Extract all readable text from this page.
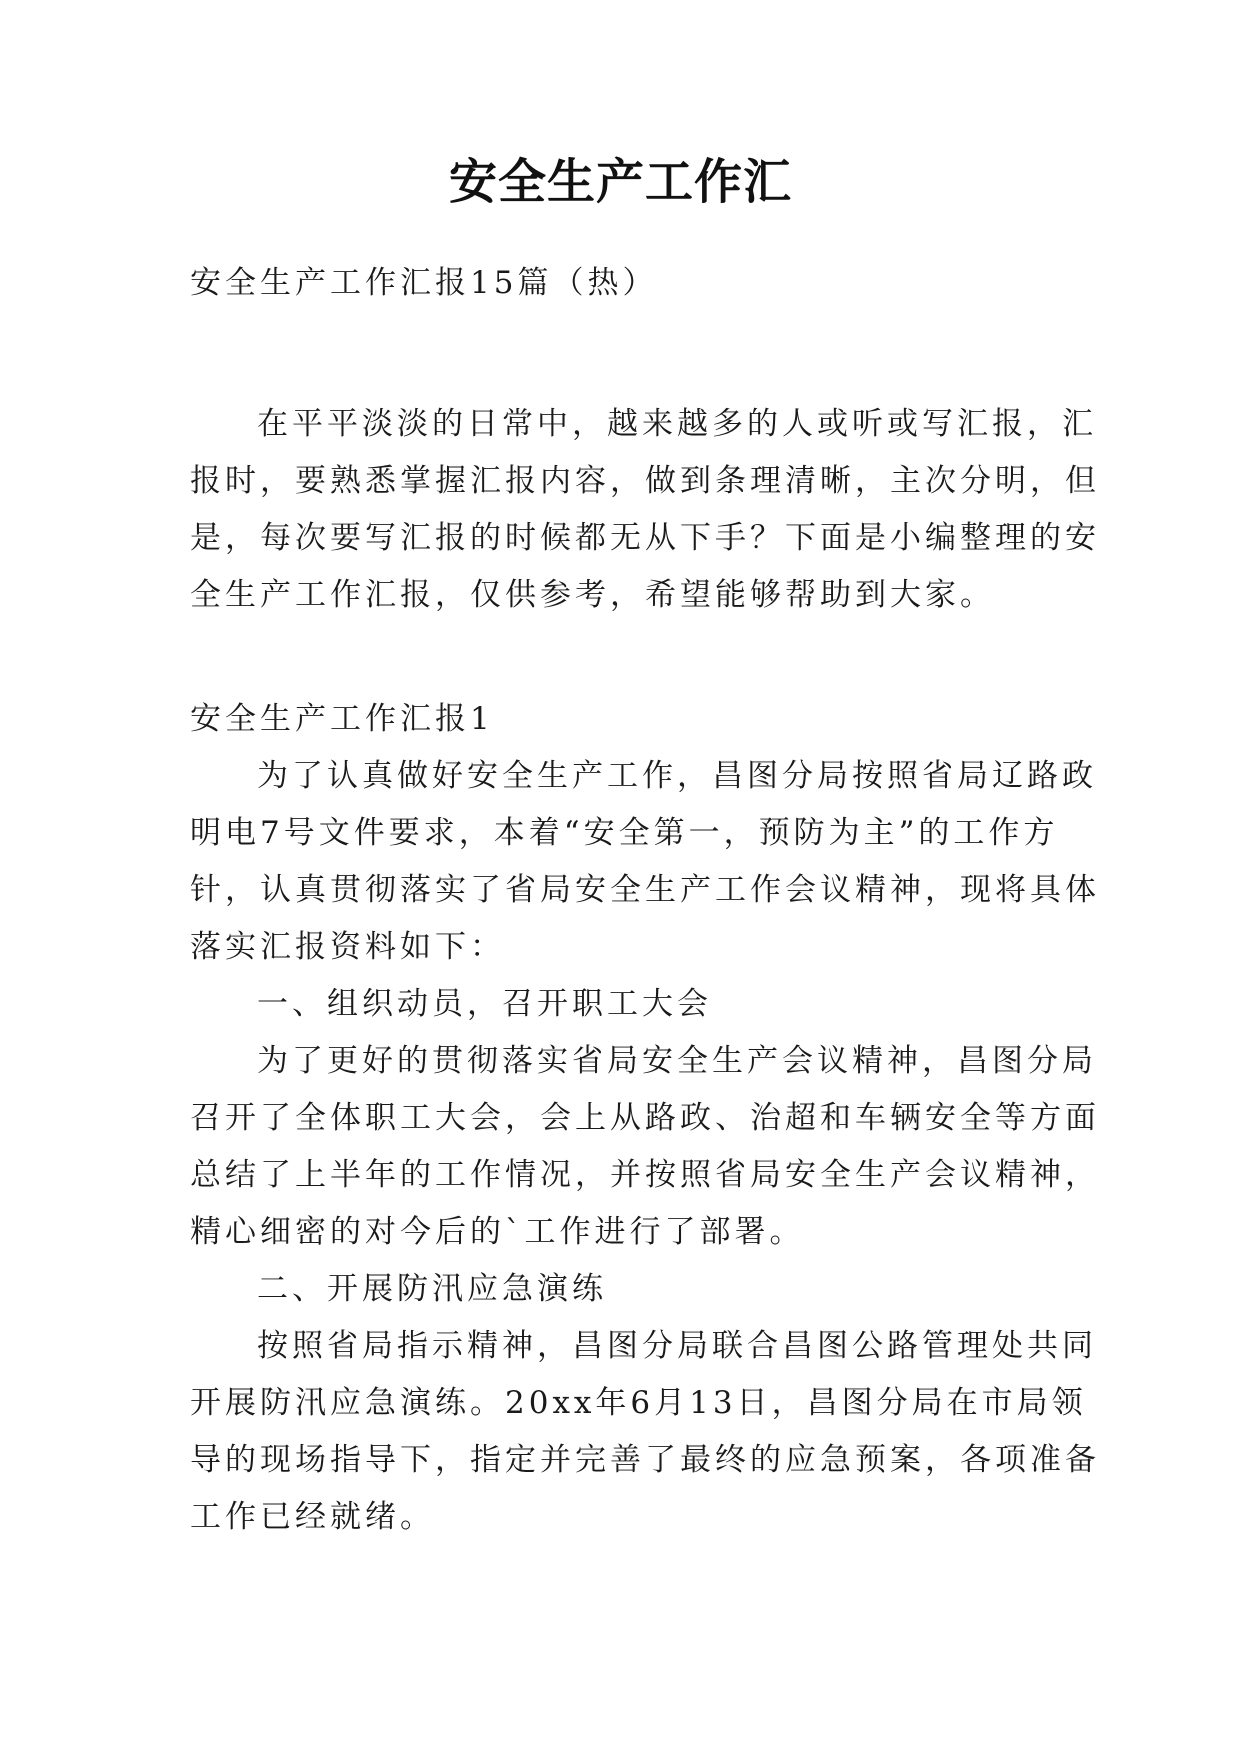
安全生产工作汇
安全生产工作汇报15篇（热）
在平平淡淡的日常中，越来越多的人或听或写汇报，汇
报时，要熟悉掌握汇报内容，做到条理清晰，主次分明，但
是，每次要写汇报的时候都无从下手？下面是小编整理的安
全生产工作汇报，仅供参考，希望能够帮助到大家。
安全生产工作汇报1
为了认真做好安全生产工作，昌图分局按照省局辽路政
明电7号文件要求，本着“安全第一，预防为主”的工作方
针，认真贯彻落实了省局安全生产工作会议精神，现将具体
落实汇报资料如下：
一、组织动员，召开职工大会
为了更好的贯彻落实省局安全生产会议精神，昌图分局
召开了全体职工大会，会上从路政、治超和车辆安全等方面
总结了上半年的工作情况，并按照省局安全生产会议精神，
精心细密的对今后的`工作进行了部署。
二、开展防汛应急演练
按照省局指示精神，昌图分局联合昌图公路管理处共同
开展防汛应急演练。20xx年6月13日，昌图分局在市局领
导的现场指导下，指定并完善了最终的应急预案，各项准备
工作已经就绪。
